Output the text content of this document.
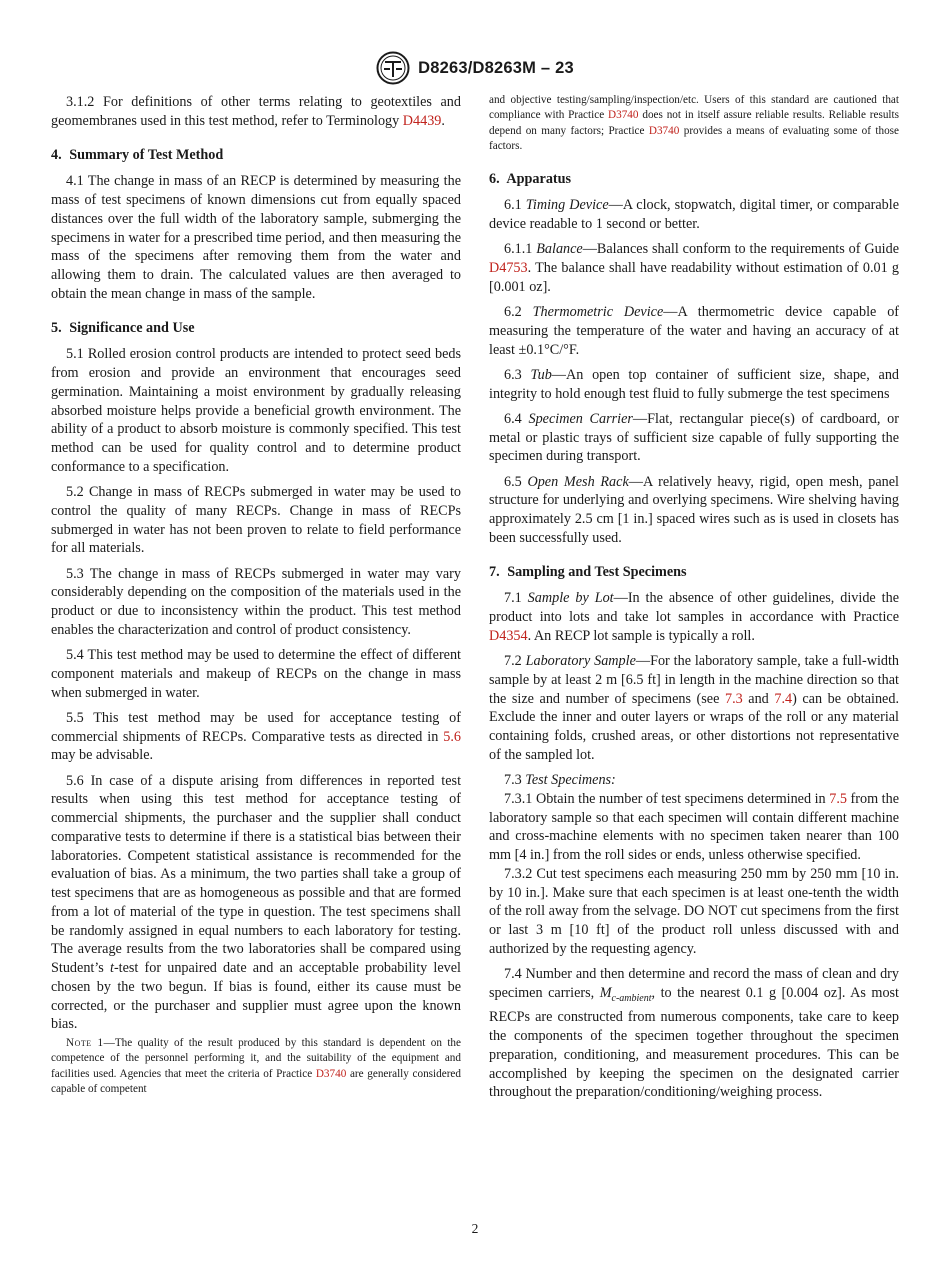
D8263/D8263M – 23

3.1.2 For definitions of other terms relating to geotextiles and geomembranes used in this test method, refer to Terminology D4439.

4. Summary of Test Method

4.1 The change in mass of an RECP is determined by measuring the mass of test specimens of known dimensions cut from equally spaced distances over the full width of the laboratory sample, submerging the specimens in water for a prescribed time period, and then measuring the mass of the specimens after removing them from the water and allowing them to drain. The calculated values are then averaged to obtain the mean change in mass of the sample.

5. Significance and Use

5.1 Rolled erosion control products are intended to protect seed beds from erosion and provide an environment that encourages seed germination. Maintaining a moist environment by gradually releasing absorbed moisture helps provide a beneficial growth environment. The ability of a product to absorb moisture is commonly specified. This test method can be used for quality control and to determine product conformance to a specification.

5.2 Change in mass of RECPs submerged in water may be used to control the quality of many RECPs. Change in mass of RECPs submerged in water has not been proven to relate to field performance for all materials.

5.3 The change in mass of RECPs submerged in water may vary considerably depending on the composition of the materials used in the product or due to inconsistency within the product. This test method enables the characterization and control of product consistency.

5.4 This test method may be used to determine the effect of different component materials and makeup of RECPs on the change in mass when submerged in water.

5.5 This test method may be used for acceptance testing of commercial shipments of RECPs. Comparative tests as directed in 5.6 may be advisable.

5.6 In case of a dispute arising from differences in reported test results when using this test method for acceptance testing of commercial shipments, the purchaser and the supplier shall conduct comparative tests to determine if there is a statistical bias between their laboratories. Competent statistical assistance is recommended for the evaluation of bias. As a minimum, the two parties shall take a group of test specimens that are as homogeneous as possible and that are formed from a lot of material of the type in question. The test specimens shall be randomly assigned in equal numbers to each laboratory for testing. The average results from the two laboratories shall be compared using Student’s t-test for unpaired date and an acceptable probability level chosen by the two begun. If bias is found, either its cause must be corrected, or the purchaser and supplier must agree upon the known bias.

Note 1—The quality of the result produced by this standard is dependent on the competence of the personnel performing it, and the suitability of the equipment and facilities used. Agencies that meet the criteria of Practice D3740 are generally considered capable of competent

and objective testing/sampling/inspection/etc. Users of this standard are cautioned that compliance with Practice D3740 does not in itself assure reliable results. Reliable results depend on many factors; Practice D3740 provides a means of evaluating some of those factors.

6. Apparatus

6.1 Timing Device—A clock, stopwatch, digital timer, or comparable device readable to 1 second or better.

6.1.1 Balance—Balances shall conform to the requirements of Guide D4753. The balance shall have readability without estimation of 0.01 g [0.001 oz].

6.2 Thermometric Device—A thermometric device capable of measuring the temperature of the water and having an accuracy of at least ±0.1°C/°F.

6.3 Tub—An open top container of sufficient size, shape, and integrity to hold enough test fluid to fully submerge the test specimens

6.4 Specimen Carrier—Flat, rectangular piece(s) of cardboard, or metal or plastic trays of sufficient size capable of fully supporting the specimen during transport.

6.5 Open Mesh Rack—A relatively heavy, rigid, open mesh, panel structure for underlying and overlying specimens. Wire shelving having approximately 2.5 cm [1 in.] spaced wires such as is used in closets has been successfully used.

7. Sampling and Test Specimens

7.1 Sample by Lot—In the absence of other guidelines, divide the product into lots and take lot samples in accordance with Practice D4354. An RECP lot sample is typically a roll.

7.2 Laboratory Sample—For the laboratory sample, take a full-width sample by at least 2 m [6.5 ft] in length in the machine direction so that the size and number of specimens (see 7.3 and 7.4) can be obtained. Exclude the inner and outer layers or wraps of the roll or any material containing folds, crushed areas, or other distortions not representative of the sampled lot.

7.3 Test Specimens:

7.3.1 Obtain the number of test specimens determined in 7.5 from the laboratory sample so that each specimen will contain different machine and cross-machine elements with no specimen taken nearer than 100 mm [4 in.] from the roll sides or ends, unless otherwise specified.

7.3.2 Cut test specimens each measuring 250 mm by 250 mm [10 in. by 10 in.]. Make sure that each specimen is at least one-tenth the width of the roll away from the selvage. DO NOT cut specimens from the first or last 3 m [10 ft] of the product roll unless discussed with and authorized by the requesting agency.

7.4 Number and then determine and record the mass of clean and dry specimen carriers, $M_{c-ambient}$, to the nearest 0.1 g [0.004 oz]. As most RECPs are constructed from numerous components, take care to keep the components of the specimen together throughout the specimen preparation, conditioning, and measurement procedures. This can be accomplished by keeping the specimen on the designated carrier throughout the preparation/conditioning/weighing process.

2
